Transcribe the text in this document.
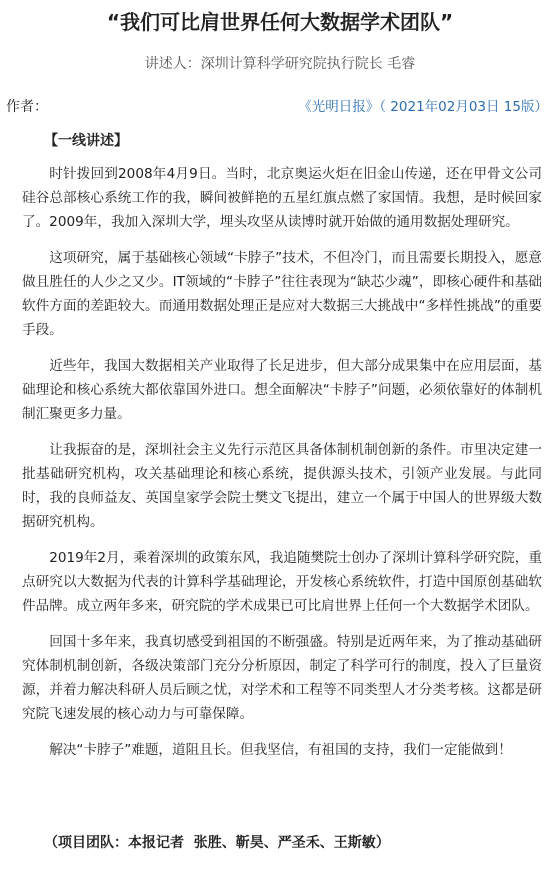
“我们可比肩世界任何大数据学术团队”
讲述人：深圳计算科学研究院执行院长 毛睿
作者：	《光明日报》（ 2021年02月03日 15版）
【一线讲述】

时针拨回到2008年4月9日。当时，北京奥运火炬在旧金山传递，还在甲骨文公司硅谷总部核心系统工作的我，瞬间被鲜艳的五星红旗点燃了家国情。我想，是时候回家了。2009年，我加入深圳大学，埋头攻坚从读博时就开始做的通用数据处理研究。

这项研究，属于基础核心领域“卡脖子”技术，不但冷门，而且需要长期投入，愿意做且胜任的人少之又少。IT领域的“卡脖子”往往表现为“缺芯少魂”，即核心硬件和基础软件方面的差距较大。而通用数据处理正是应对大数据三大挑战中“多样性挑战”的重要手段。

近些年，我国大数据相关产业取得了长足进步，但大部分成果集中在应用层面，基础理论和核心系统大都依靠国外进口。想全面解决“卡脖子”问题，必须依靠好的体制机制汇聚更多力量。

让我振奋的是，深圳社会主义先行示范区具备体制机制创新的条件。市里决定建一批基础研究机构，攻关基础理论和核心系统，提供源头技术，引领产业发展。与此同时，我的良师益友、英国皇家学会院士樊文飞提出，建立一个属于中国人的世界级大数据研究机构。

2019年2月，乘着深圳的政策东风，我追随樊院士创办了深圳计算科学研究院，重点研究以大数据为代表的计算科学基础理论，开发核心系统软件，打造中国原创基础软件品牌。成立两年多来，研究院的学术成果已可比肩世界上任何一个大数据学术团队。

回国十多年来，我真切感受到祖国的不断强盛。特别是近两年来，为了推动基础研究体制机制创新，各级决策部门充分分析原因，制定了科学可行的制度，投入了巨量资源，并着力解决科研人员后顾之忧，对学术和工程等不同类型人才分类考核。这都是研究院飞速发展的核心动力与可靠保障。

解决“卡脖子”难题，道阻且长。但我坚信，有祖国的支持，我们一定能做到！

（项目团队：本报记者  张胜、靳昊、严圣禾、王斯敏）
